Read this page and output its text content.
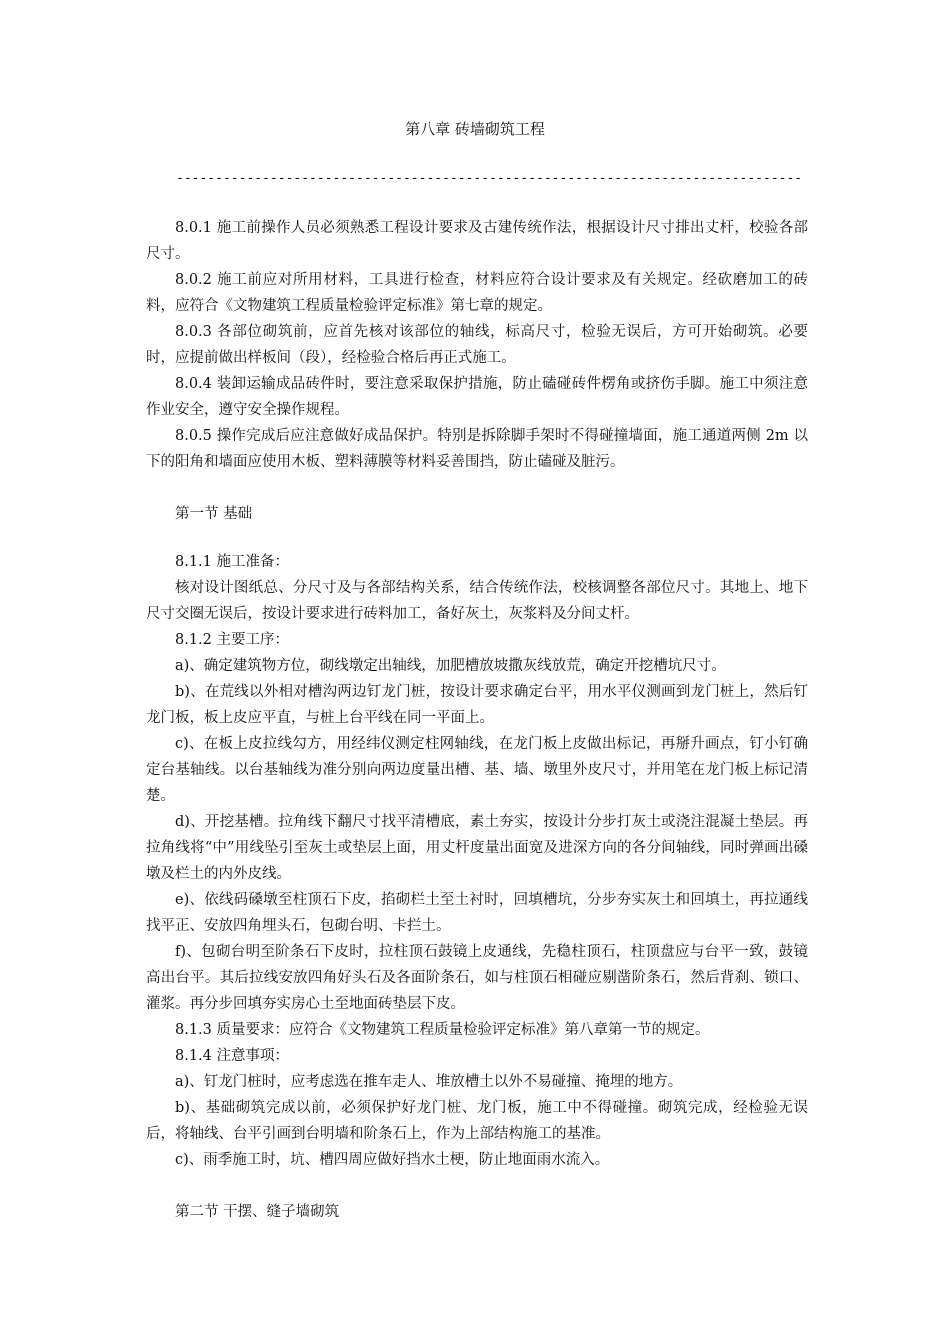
第八章 砖墙砌筑工程
--------------------------------------------------------------------------------

8.0.1 施工前操作人员必须熟悉工程设计要求及古建传统作法，根据设计尺寸排出丈杆，校验各部尺寸。

8.0.2 施工前应对所用材料，工具进行检查，材料应符合设计要求及有关规定。经砍磨加工的砖料，应符合《文物建筑工程质量检验评定标准》第七章的规定。

8.0.3 各部位砌筑前，应首先核对该部位的轴线，标高尺寸，检验无误后，方可开始砌筑。必要时，应提前做出样板间（段），经检验合格后再正式施工。

8.0.4 装卸运输成品砖件时，要注意采取保护措施，防止磕碰砖件楞角或挤伤手脚。施工中须注意作业安全，遵守安全操作规程。

8.0.5 操作完成后应注意做好成品保护。特别是拆除脚手架时不得碰撞墙面，施工通道两侧 2m 以下的阳角和墙面应使用木板、塑料薄膜等材料妥善围挡，防止磕碰及脏污。

第一节 基础

8.1.1 施工准备：

核对设计图纸总、分尺寸及与各部结构关系，结合传统作法，校核调整各部位尺寸。其地上、地下尺寸交圈无误后，按设计要求进行砖料加工，备好灰土，灰浆料及分间丈杆。

8.1.2 主要工序：

a)、确定建筑物方位，砌线墩定出轴线，加肥槽放坡撒灰线放荒，确定开挖槽坑尺寸。

b)、在荒线以外相对槽沟两边钉龙门桩，按设计要求确定台平，用水平仪测画到龙门桩上，然后钉龙门板，板上皮应平直，与桩上台平线在同一平面上。

c)、在板上皮拉线勾方，用经纬仪测定柱网轴线，在龙门板上皮做出标记，再掰升画点，钉小钉确定台基轴线。以台基轴线为准分别向两边度量出槽、基、墙、墩里外皮尺寸，并用笔在龙门板上标记清楚。

d)、开挖基槽。拉角线下翻尺寸找平清槽底，素土夯实，按设计分步打灰土或浇注混凝土垫层。再拉角线将“中”用线坠引至灰土或垫层上面，用丈杆度量出面宽及进深方向的各分间轴线，同时弹画出磉墩及栏土的内外皮线。

e)、依线码磉墩至柱顶石下皮，掐砌栏土至土衬时，回填槽坑，分步夯实灰土和回填土，再拉通线找平正、安放四角埋头石，包砌台明、卡拦土。

f)、包砌台明至阶条石下皮时，拉柱顶石鼓镜上皮通线，先稳柱顶石，柱顶盘应与台平一致，鼓镜高出台平。其后拉线安放四角好头石及各面阶条石，如与柱顶石相碰应剔凿阶条石，然后背刹、锁口、灌浆。再分步回填夯实房心土至地面砖垫层下皮。

8.1.3 质量要求：应符合《文物建筑工程质量检验评定标准》第八章第一节的规定。

8.1.4 注意事项：

a)、钉龙门桩时，应考虑选在推车走人、堆放槽土以外不易碰撞、掩埋的地方。

b)、基础砌筑完成以前，必须保护好龙门桩、龙门板，施工中不得碰撞。砌筑完成，经检验无误后，将轴线、台平引画到台明墙和阶条石上，作为上部结构施工的基准。

c)、雨季施工时，坑、槽四周应做好挡水土梗，防止地面雨水流入。

第二节 干摆、缝子墙砌筑
